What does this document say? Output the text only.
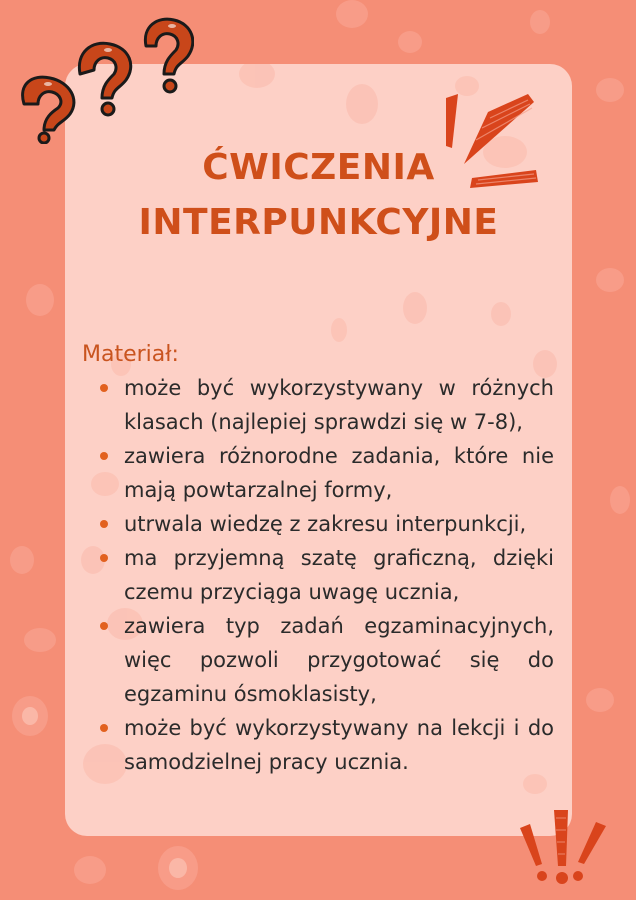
ĆWICZENIA
INTERPUNKCYJNE

Materiał:

może być wykorzystywany w różnych klasach (najlepiej sprawdzi się w 7-8),
zawiera różnorodne zadania, które nie mają powtarzalnej formy,
utrwala wiedzę z zakresu interpunkcji,
ma przyjemną szatę graficzną, dzięki czemu przyciąga uwagę ucznia,
zawiera typ zadań egzaminacyjnych, więc pozwoli przygotować się do egzaminu ósmoklasisty,
może być wykorzystywany na lekcji i do samodzielnej pracy ucznia.
